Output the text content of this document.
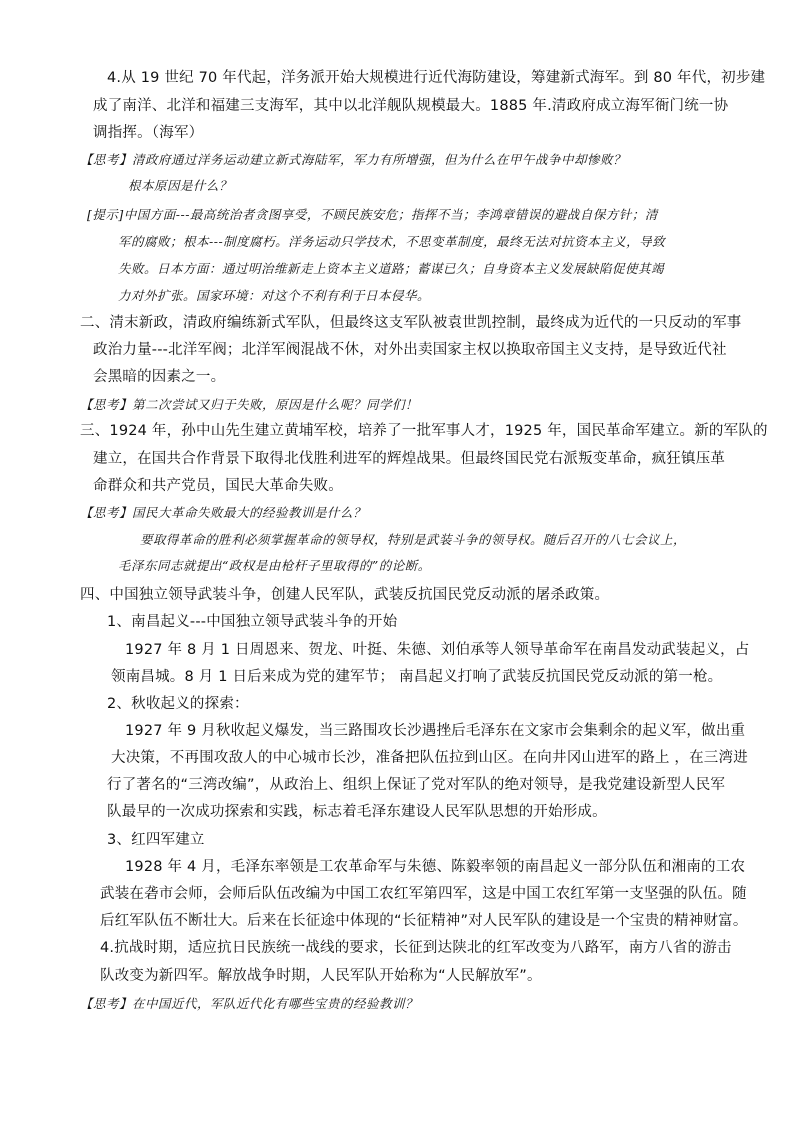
4.从 19 世纪 70 年代起，洋务派开始大规模进行近代海防建设，筹建新式海军。到 80 年代，初步建
成了南洋、北洋和福建三支海军，其中以北洋舰队规模最大。1885 年.清政府成立海军衙门统一协
调指挥。（海军）
【思考】清政府通过洋务运动建立新式海陆军，军力有所增强，但为什么在甲午战争中却惨败？
根本原因是什么？
[提示]中国方面---最高统治者贪图享受，不顾民族安危；指挥不当；李鸿章错误的避战自保方针；清
军的腐败；根本---制度腐朽。洋务运动只学技术，不思变革制度，最终无法对抗资本主义，导致
失败。日本方面：通过明治维新走上资本主义道路；蓄谋已久；自身资本主义发展缺陷促使其竭
力对外扩张。国家环境：对这个不利有利于日本侵华。
二、清末新政，清政府编练新式军队，但最终这支军队被袁世凯控制，最终成为近代的一只反动的军事
政治力量---北洋军阀；北洋军阀混战不休，对外出卖国家主权以换取帝国主义支持，是导致近代社
会黑暗的因素之一。
【思考】第二次尝试又归于失败，原因是什么呢？同学们！
三、1924 年，孙中山先生建立黄埔军校，培养了一批军事人才，1925 年，国民革命军建立。新的军队的
建立，在国共合作背景下取得北伐胜利进军的辉煌战果。但最终国民党右派叛变革命，疯狂镇压革
命群众和共产党员，国民大革命失败。
【思考】国民大革命失败最大的经验教训是什么？
要取得革命的胜利必须掌握革命的领导权，特别是武装斗争的领导权。随后召开的八七会议上，
毛泽东同志就提出“政权是由枪杆子里取得的”的论断。
四、中国独立领导武装斗争，创建人民军队，武装反抗国民党反动派的屠杀政策。
1、南昌起义---中国独立领导武装斗争的开始
1927 年 8 月 1 日周恩来、贺龙、叶挺、朱德、刘伯承等人领导革命军在南昌发动武装起义，占
领南昌城。8 月 1 日后来成为党的建军节； 南昌起义打响了武装反抗国民党反动派的第一枪。
2、秋收起义的探索：
1927 年 9 月秋收起义爆发，当三路围攻长沙遇挫后毛泽东在文家市会集剩余的起义军，做出重
大决策，不再围攻敌人的中心城市长沙，准备把队伍拉到山区。在向井冈山进军的路上 ，在三湾进
行了著名的“三湾改编”，从政治上、组织上保证了党对军队的绝对领导，是我党建设新型人民军
队最早的一次成功探索和实践，标志着毛泽东建设人民军队思想的开始形成。
3、红四军建立
1928 年 4 月，毛泽东率领是工农革命军与朱德、陈毅率领的南昌起义一部分队伍和湘南的工农
武装在砻市会师，会师后队伍改编为中国工农红军第四军，这是中国工农红军第一支坚强的队伍。随
后红军队伍不断壮大。后来在长征途中体现的“长征精神”对人民军队的建设是一个宝贵的精神财富。
4.抗战时期，适应抗日民族统一战线的要求，长征到达陕北的红军改变为八路军，南方八省的游击
队改变为新四军。解放战争时期，人民军队开始称为“人民解放军”。
【思考】在中国近代，军队近代化有哪些宝贵的经验教训？
